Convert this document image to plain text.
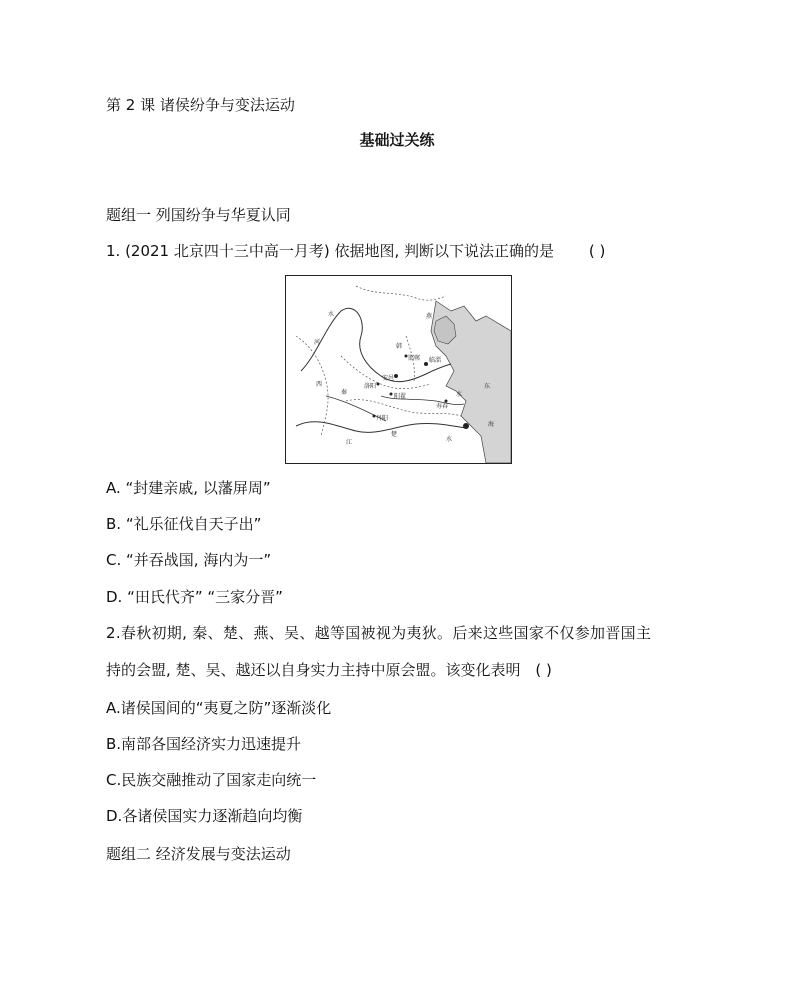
第 2 课 诸侯纷争与变法运动
基础过关练
题组一 列国纷争与华夏认同
1. (2021 北京四十三中高一月考) 依据地图, 判断以下说法正确的是 ( )
水
河
西
燕
韩
东
海
秦	水
楚
江	水
安邑
临淄
洛阳
阳翟
丹阳
寿春
邯郸
A. “封建亲戚, 以藩屏周”
B. “礼乐征伐自天子出”
C. “并吞战国, 海内为一”
D. “田氏代齐” “三家分晋”
2.春秋初期, 秦、楚、燕、吴、越等国被视为夷狄。后来这些国家不仅参加晋国主
持的会盟, 楚、吴、越还以自身实力主持中原会盟。该变化表明 ( )
A.诸侯国间的“夷夏之防”逐渐淡化
B.南部各国经济实力迅速提升
C.民族交融推动了国家走向统一
D.各诸侯国实力逐渐趋向均衡
题组二 经济发展与变法运动
